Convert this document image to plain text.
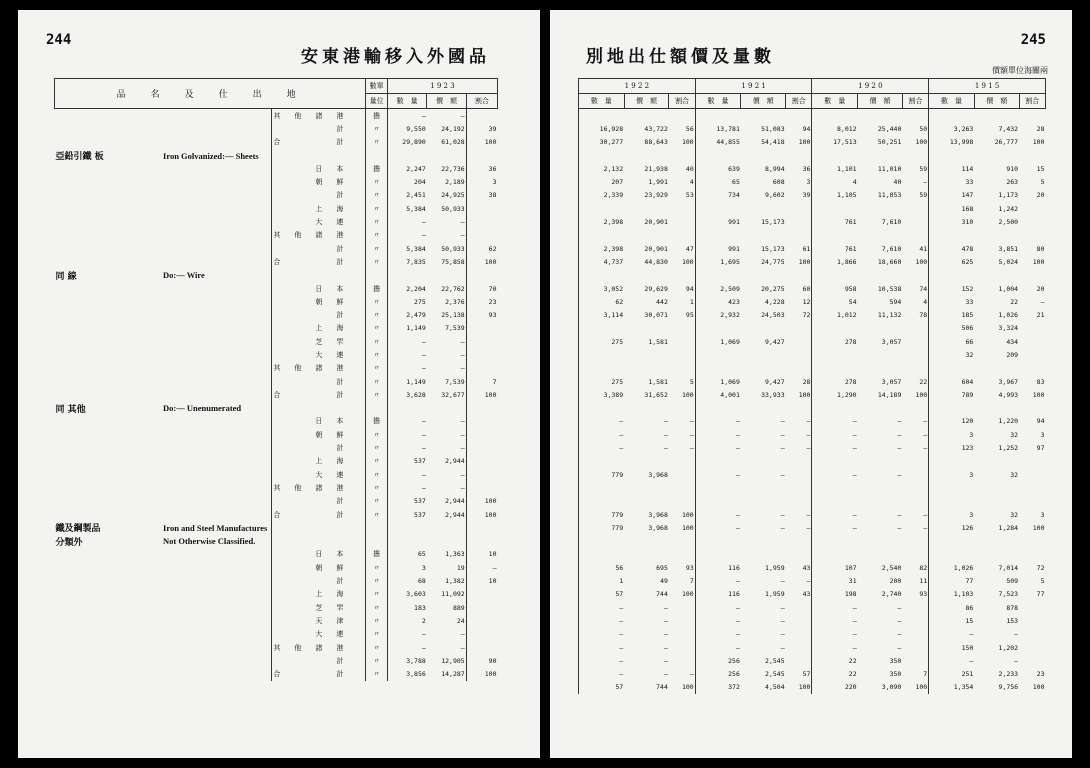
244
安東港輸移入外國品
品　名　及　仕　出　地			數單	1 9 2 3		
			量位	數　量	價　額	割合
		其他諸港	擔	—	—	
		計	〃	9,550	24,192	39
		合　　計	〃	29,890	61,028	100
亞鉛引鐵 板	Iron Golvanized:— Sheets					
		日本	擔	2,247	22,736	36
		朝鮮	〃	204	2,189	3
		計	〃	2,451	24,925	38
		上海	〃	5,384	50,933	
		大連	〃	—	—	
		其他諸港	〃	—	—	
		計	〃	5,384	50,933	62
		合　　計	〃	7,835	75,858	100
同 線	Do:— Wire					
		日本	擔	2,204	22,762	70
		朝鮮	〃	275	2,376	23
		計	〃	2,479	25,138	93
		上海	〃	1,149	7,539	
		芝罘	〃	—	—	
		大連	〃	—	—	
		其他諸港	〃	—	—	
		計	〃	1,149	7,539	7
		合　　計	〃	3,628	32,677	100
同 其他	Do:— Unenumerated					
		日本	擔	—	—	
		朝鮮	〃	—	—	
		計	〃	—	—	
		上海	〃	537	2,944	
		大連	〃	—	—	
		其他諸港	〃	—	—	
		計	〃	537	2,944	100
		合　　計	〃	537	2,944	100
鐵及鋼製品	Iron and Steel Manufactures					
分類外	Not Otherwise Classified.					
		日本	擔	65	1,363	10
		朝鮮	〃	3	19	—
		計	〃	68	1,382	10
		上海	〃	3,603	11,092	
		芝罘	〃	183	889	
		天津	〃	2	24	
		大連	〃	—	—	
		其他諸港	〃	—	—	
		計	〃	3,788	12,905	90
		合　　計	〃	3,856	14,287	100
245
別地出仕額價及量數
價額單位海關兩
1 9 2 2			1 9 2 1			1 9 2 0			1 9 1 5		
數　量	價　額	割合	數　量	價　額	割合	數　量	價　額	割合	數　量	價　額	割合

16,928	43,722	56	13,781	51,083	94	8,012	25,440	50	3,263	7,432	28
30,277	88,643	100	44,855	54,418	100	17,513	50,251	100	13,998	26,777	100

2,132	21,938	40	639	8,994	36	1,101	11,010	59	114	910	15
207	1,991	4	65	608	3	4	40	—	33	263	5
2,339	23,929	53	734	9,602	39	1,105	11,053	59	147	1,173	20
									168	1,242	
2,398	20,901		991	15,173		761	7,610		310	2,500	

2,398	20,901	47	991	15,173	61	761	7,610	41	478	3,851	80
4,737	44,830	100	1,695	24,775	100	1,866	18,660	100	625	5,024	100

3,052	29,629	94	2,509	20,275	60	958	10,538	74	152	1,004	20
62	442	1	423	4,228	12	54	594	4	33	22	—
3,114	30,071	95	2,932	24,503	72	1,012	11,132	78	185	1,026	21
									506	3,324	
275	1,581		1,069	9,427		278	3,057		66	434	
									32	209	

275	1,581	5	1,069	9,427	28	278	3,057	22	604	3,967	83
3,389	31,652	100	4,001	33,933	100	1,290	14,189	100	789	4,993	100

—	—	—	—	—	—	—	—	—	120	1,220	94
—	—	—	—	—	—	—	—	—	3	32	3
—	—	—	—	—	—	—	—	—	123	1,252	97

779	3,968		—	—		—	—		3	32	

779	3,968	100	—	—	—	—	—	—	3	32	3
779	3,968	100	—	—	—	—	—	—	126	1,284	100

56	695	93	116	1,959	43	107	2,540	82	1,026	7,014	72
1	49	7	—	—	—	31	200	11	77	509	5
57	744	100	116	1,959	43	198	2,740	93	1,103	7,523	77
—	—		—	—		—	—		86	878	
—	—		—	—		—	—		15	153	
—	—		—	—		—	—		—	—	
—	—		—	—		—	—		150	1,202	
—	—		256	2,545		22	350		—	—	
—	—	—	256	2,545	57	22	350	7	251	2,233	23
57	744	100	372	4,504	100	220	3,090	100	1,354	9,756	100
